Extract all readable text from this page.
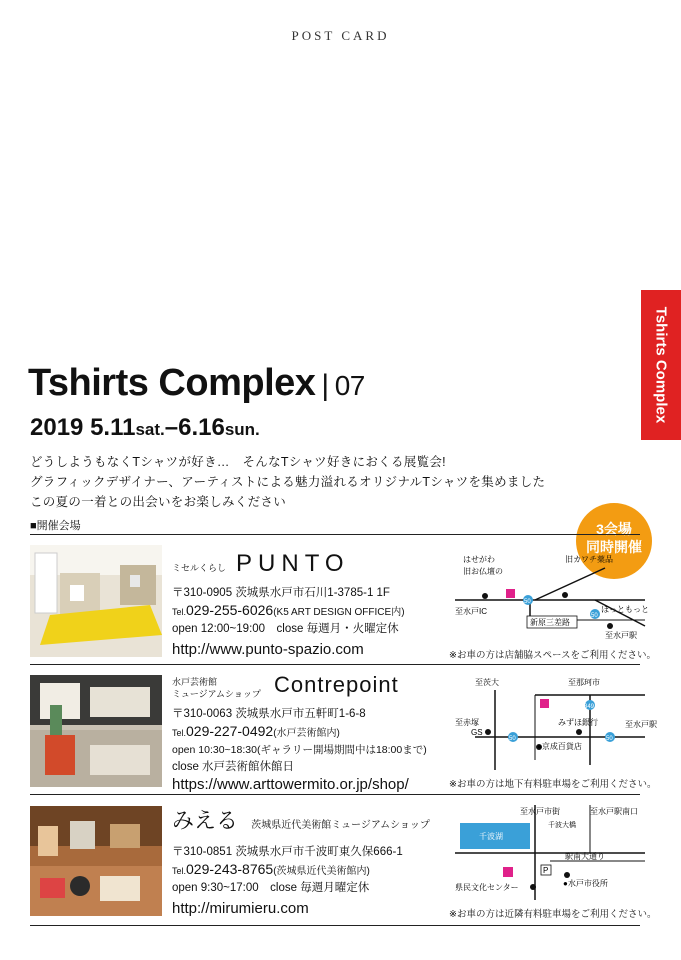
POST CARD
Tshirts Complex
Tshirts Complex | 07
2019 5.11sat.–6.16sun.
どうしようもなくTシャツが好き…　そんなTシャツ好きにおくる展覧会!
グラフィックデザイナー、アーティストによる魅力溢れるオリジナルTシャツを集めました
この夏の一着との出会いをお楽しみください
■開催会場	3会場
同時開催
ミセルくらし PUNTO
〒310-0905 茨城県水戸市石川1-3785-1 1F
Tel.029-255-6026(K5 ART DESIGN OFFICE内)
open 12:00~19:00　close 毎週月・火曜定休
http://www.punto-spazio.com
はせがわ
旧お仏壇の
旧カワチ薬品
至水戸IC
50
50
ほっともっと
新原三差路
至水戸駅
※お車の方は店舗脇スペースをご利用ください。
水戸芸術館
ミュージアムショップ Contrepoint
〒310-0063 茨城県水戸市五軒町1-6-8
Tel.029-227-0492(水戸芸術館内)
open 10:30~18:30(ギャラリー開場期間中は18:00まで)
close 水戸芸術館休館日
https://www.arttowermito.or.jp/shop/
至茨大	至那珂市
至赤塚
GS
50
みずほ銀行
●京成百貨店
50
至水戸駅
349
※お車の方は地下有料駐車場をご利用ください。
みえる 茨城県近代美術館ミュージアムショップ
〒310-0851 茨城県水戸市千波町東久保666-1
Tel.029-243-8765(茨城県近代美術館内)
open 9:30~17:00　close 毎週月曜定休
http://mirumieru.com
至水戸市街	至水戸駅南口
千波湖
千波大橋
P
駅南大通り
県民文化センター	●水戸市役所
※お車の方は近隣有料駐車場をご利用ください。
